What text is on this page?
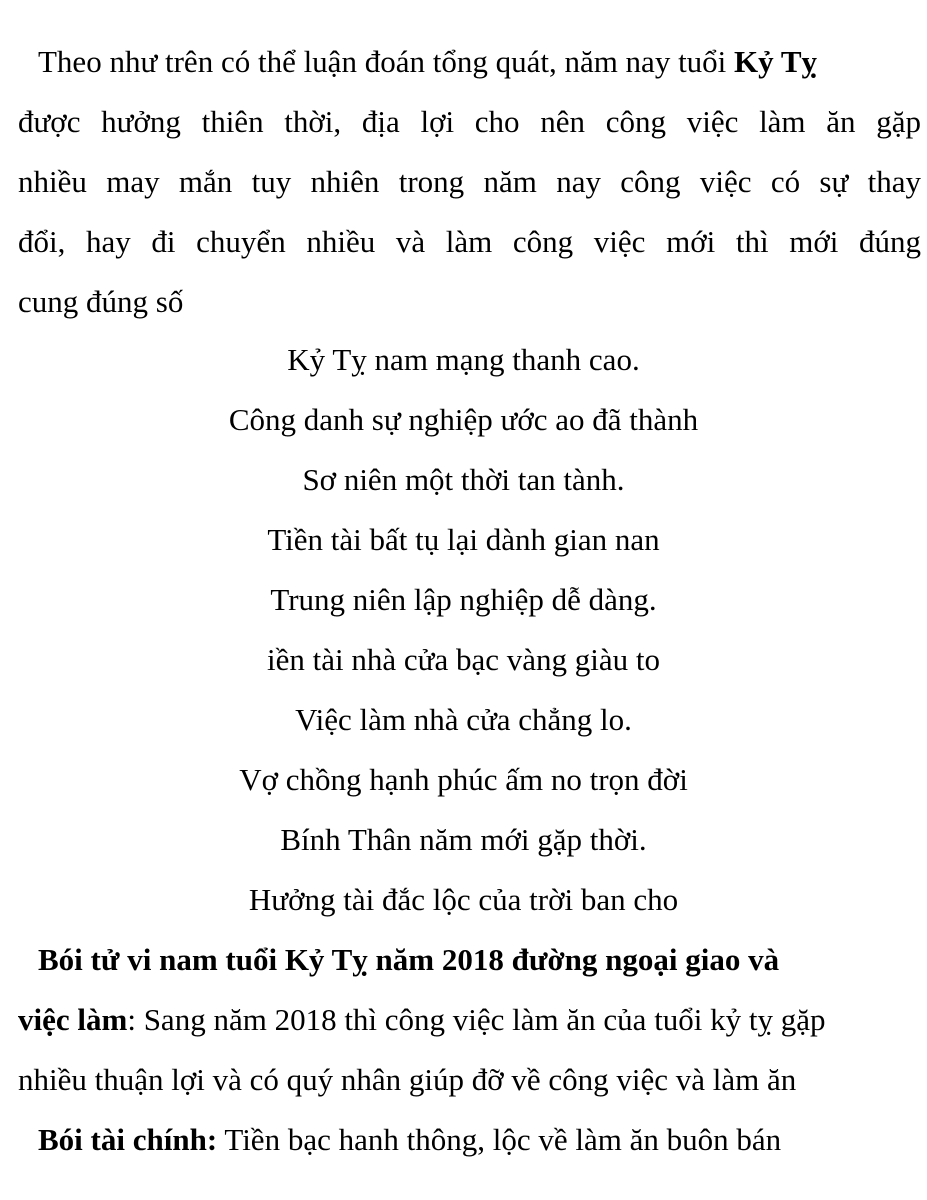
Theo như trên có thể luận đoán tổng quát, năm nay tuổi Kỷ Tỵ
được hưởng thiên thời, địa lợi cho nên công việc làm ăn gặp
nhiều may mắn tuy nhiên trong năm nay công việc có sự thay
đổi, hay đi chuyển nhiều và làm công việc mới thì mới đúng
cung đúng số
Kỷ Tỵ nam mạng thanh cao.
Công danh sự nghiệp ước ao đã thành
Sơ niên một thời tan tành.
Tiền tài bất tụ lại dành gian nan
Trung niên lập nghiệp dễ dàng.
iền tài nhà cửa bạc vàng giàu to
Việc làm nhà cửa chẳng lo.
Vợ chồng hạnh phúc ấm no trọn đời
Bính Thân năm mới gặp thời.
Hưởng tài đắc lộc của trời ban cho
Bói tử vi nam tuổi Kỷ Tỵ năm 2018 đường ngoại giao và
việc làm: Sang năm 2018 thì công việc làm ăn của tuổi kỷ tỵ gặp
nhiều thuận lợi và có quý nhân giúp đỡ về công việc và làm ăn
Bói tài chính: Tiền bạc hanh thông, lộc về làm ăn buôn bán
